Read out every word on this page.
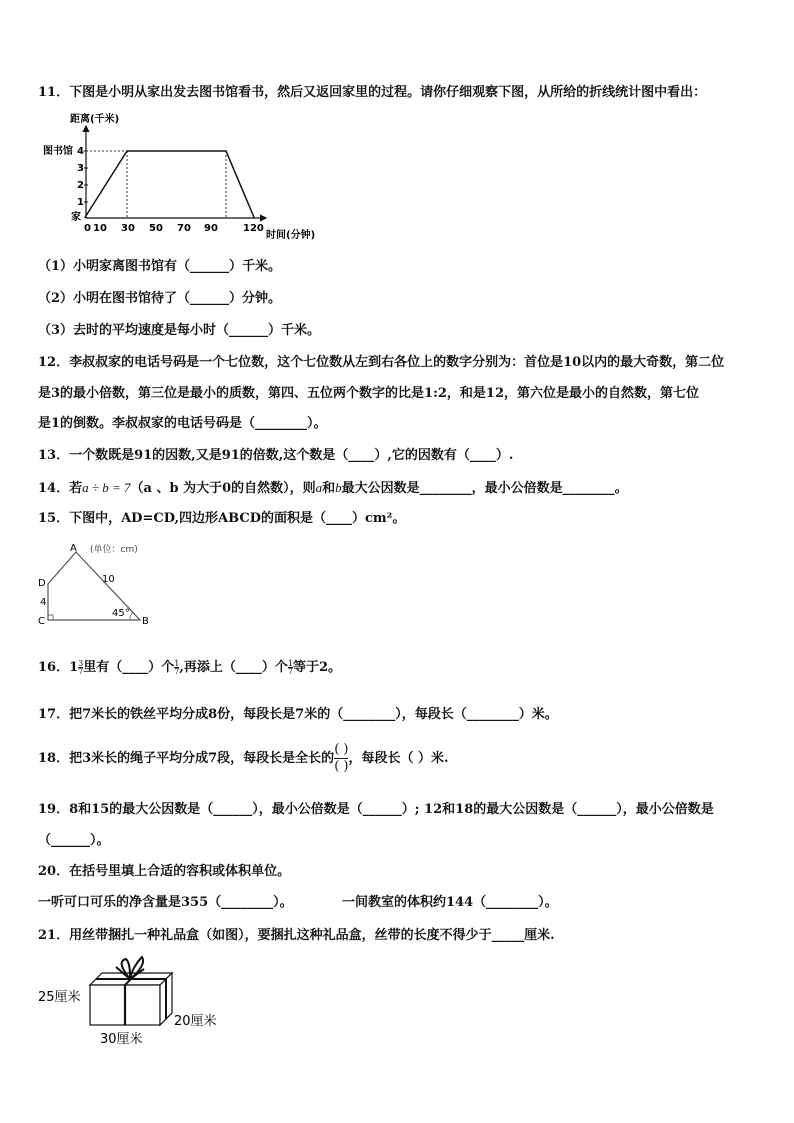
11．下图是小明从家出发去图书馆看书，然后又返回家里的过程。请你仔细观察下图，从所给的折线统计图中看出：
距离(千米)
时间(分钟)
家
1
2
3
4
图书馆
0 10 30 50 70 90	120
（1）小明家离图书馆有（______）千米。
（2）小明在图书馆待了（______）分钟。
（3）去时的平均速度是每小时（______）千米。
12．李叔叔家的电话号码是一个七位数，这个七位数从左到右各位上的数字分别为：首位是10以内的最大奇数，第二位
是3的最小倍数，第三位是最小的质数，第四、五位两个数字的比是1:2，和是12，第六位是最小的自然数，第七位
是1的倒数。李叔叔家的电话号码是（________）。
13．一个数既是91的因数,又是91的倍数,这个数是（____）,它的因数有（____）.
14．若a ÷ b = 7（a 、b 为大于0的自然数），则a和b最大公因数是________，最小公倍数是________。
15．下图中，AD=CD,四边形ABCD的面积是（____）cm²。
A
B
C
D
(单位：cm)
4
10
45°
16．$1 \frac{3}{7}$ 里有（____）个 $\frac{1}{7}$ ,再添上（____）个 $\frac{1}{7}$ 等于2。
17．把7米长的铁丝平均分成8份，每段长是7米的（________），每段长（________）米。
18．把3米长的绳子平均分成7段，每段长是全长的
( )
( )
，每段长（ ）米.
19．8和15的最大公因数是（______），最小公倍数是（______）; 12和18的最大公因数是（______），最小公倍数是
（______）。
20．在括号里填上合适的容积或体积单位。
一听可口可乐的净含量是355（________）。	一间教室的体积约144（________）。
21．用丝带捆扎一种礼品盒（如图），要捆扎这种礼品盒，丝带的长度不得少于_____厘米.
25厘米
20厘米
30厘米
